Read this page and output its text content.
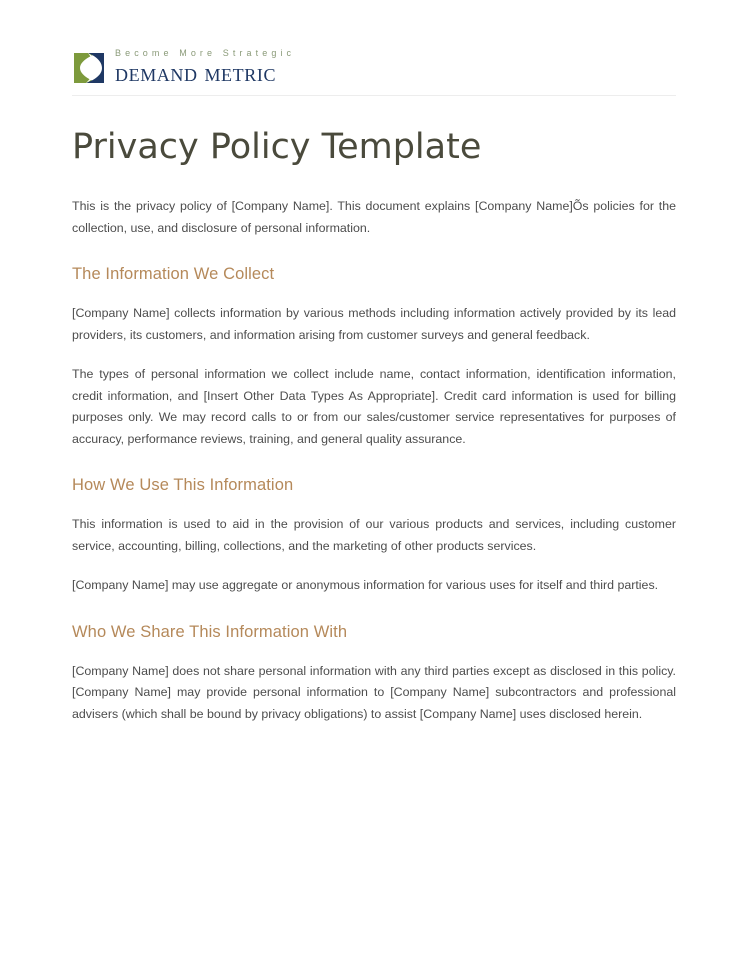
Become More Strategic
demand metric
Privacy Policy Template

This is the privacy policy of [Company Name]. This document explains [Company Name]Õs policies for the collection, use, and disclosure of personal information.

The Information We Collect

[Company Name] collects information by various methods including information actively provided by its lead providers, its customers, and information arising from customer surveys and general feedback.

The types of personal information we collect include name, contact information, identification information, credit information, and [Insert Other Data Types As Appropriate]. Credit card information is used for billing purposes only. We may record calls to or from our sales/customer service representatives for purposes of accuracy, performance reviews, training, and general quality assurance.

How We Use This Information

This information is used to aid in the provision of our various products and services, including customer service, accounting, billing, collections, and the marketing of other products services.

[Company Name] may use aggregate or anonymous information for various uses for itself and third parties.

Who We Share This Information With

[Company Name] does not share personal information with any third parties except as disclosed in this policy. [Company Name] may provide personal information to [Company Name] subcontractors and professional advisers (which shall be bound by privacy obligations) to assist [Company Name] uses disclosed herein.
